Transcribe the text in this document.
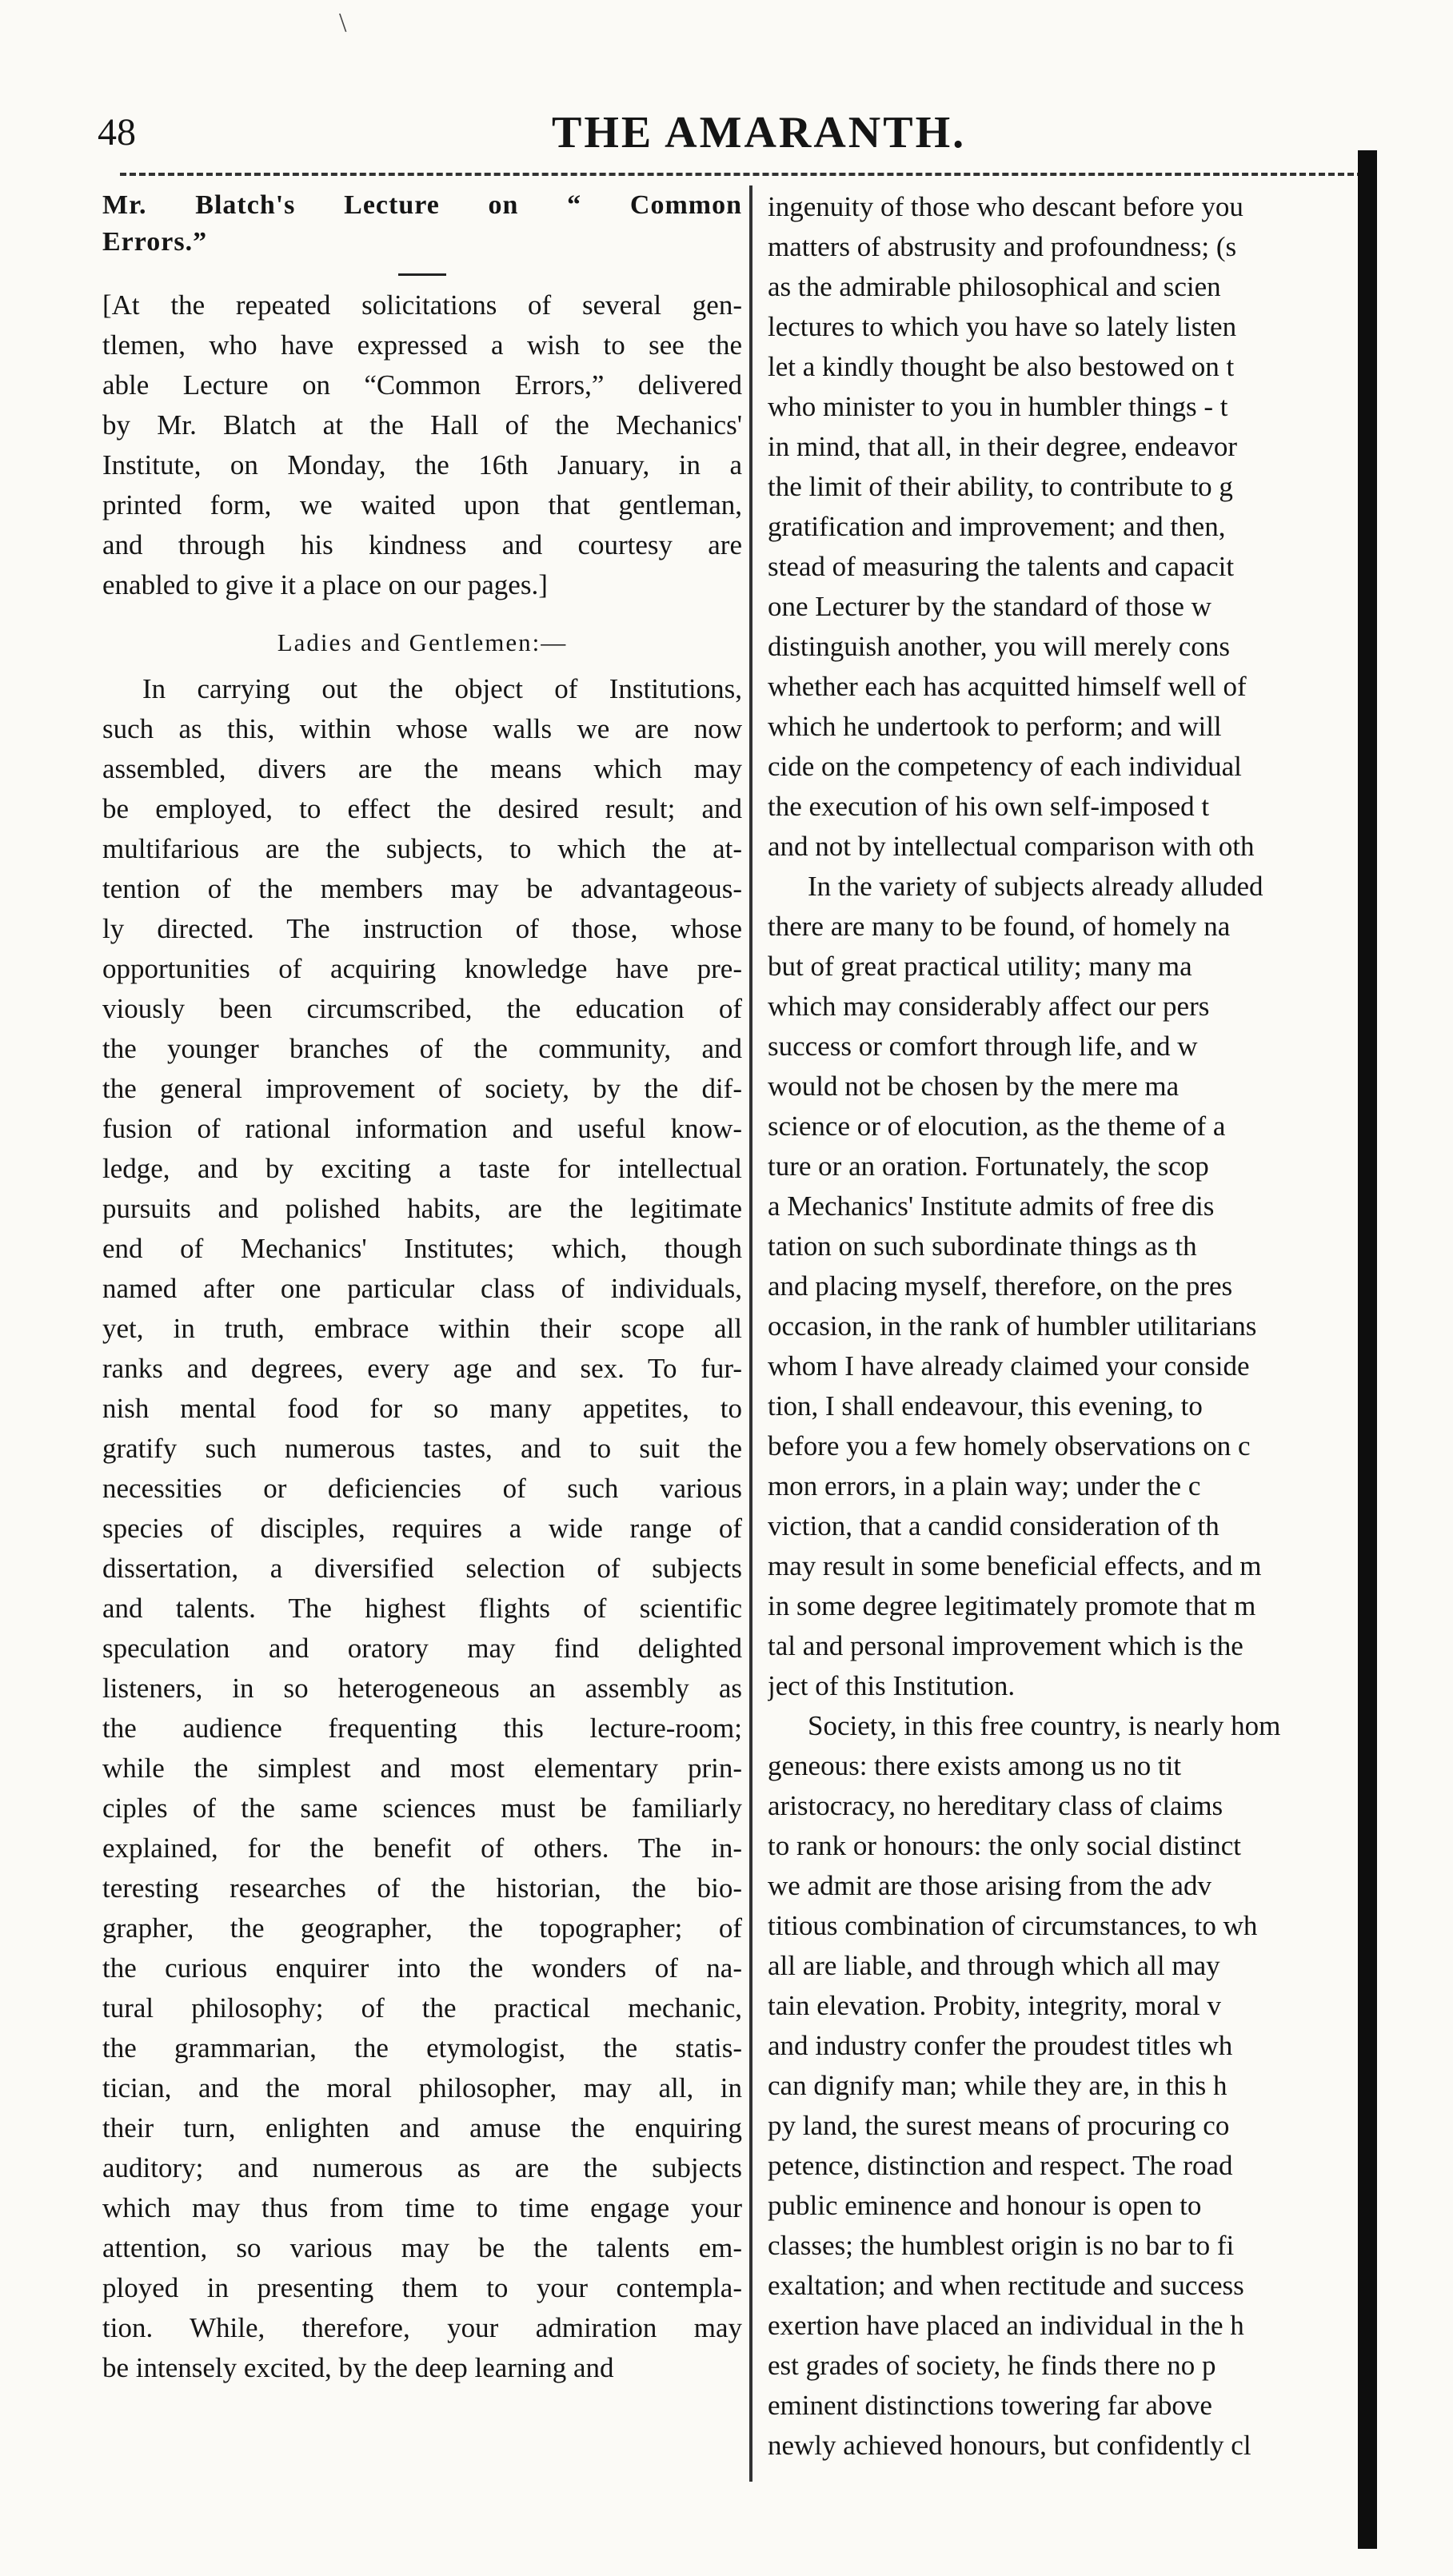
\
48	THE AMARANTH.

Mr. Blatch's Lecture on “ Common

Errors.”

[At the repeated solicitations of several gen-

tlemen, who have expressed a wish to see the

able Lecture on “Common Errors,” delivered

by Mr. Blatch at the Hall of the Mechanics'

Institute, on Monday, the 16th January, in a

printed form, we waited upon that gentleman,

and through his kindness and courtesy are

enabled to give it a place on our pages.]

Ladies and Gentlemen:—

In carrying out the object of Institutions,

such as this, within whose walls we are now

assembled, divers are the means which may

be employed, to effect the desired result; and

multifarious are the subjects, to which the at-

tention of the members may be advantageous-

ly directed. The instruction of those, whose

opportunities of acquiring knowledge have pre-

viously been circumscribed, the education of

the younger branches of the community, and

the general improvement of society, by the dif-

fusion of rational information and useful know-

ledge, and by exciting a taste for intellectual

pursuits and polished habits, are the legitimate

end of Mechanics' Institutes; which, though

named after one particular class of individuals,

yet, in truth, embrace within their scope all

ranks and degrees, every age and sex. To fur-

nish mental food for so many appetites, to

gratify such numerous tastes, and to suit the

necessities or deficiencies of such various

species of disciples, requires a wide range of

dissertation, a diversified selection of subjects

and talents. The highest flights of scientific

speculation and oratory may find delighted

listeners, in so heterogeneous an assembly as

the audience frequenting this lecture-room;

while the simplest and most elementary prin-

ciples of the same sciences must be familiarly

explained, for the benefit of others. The in-

teresting researches of the historian, the bio-

grapher, the geographer, the topographer; of

the curious enquirer into the wonders of na-

tural philosophy; of the practical mechanic,

the grammarian, the etymologist, the statis-

tician, and the moral philosopher, may all, in

their turn, enlighten and amuse the enquiring

auditory; and numerous as are the subjects

which may thus from time to time engage your

attention, so various may be the talents em-

ployed in presenting them to your contempla-

tion. While, therefore, your admiration may

be intensely excited, by the deep learning and

ingenuity of those who descant before you

matters of abstrusity and profoundness; (s

as the admirable philosophical and scien

lectures to which you have so lately listen

let a kindly thought be also bestowed on t

who minister to you in humbler things - t

in mind, that all, in their degree, endeavor

the limit of their ability, to contribute to g

gratification and improvement; and then,

stead of measuring the talents and capacit

one Lecturer by the standard of those w

distinguish another, you will merely cons

whether each has acquitted himself well of

which he undertook to perform; and will

cide on the competency of each individual

the execution of his own self-imposed t

and not by intellectual comparison with oth

In the variety of subjects already alluded

there are many to be found, of homely na

but of great practical utility; many ma

which may considerably affect our pers

success or comfort through life, and w

would not be chosen by the mere ma

science or of elocution, as the theme of a

ture or an oration. Fortunately, the scop

a Mechanics' Institute admits of free dis

tation on such subordinate things as th

and placing myself, therefore, on the pres

occasion, in the rank of humbler utilitarians

whom I have already claimed your conside

tion, I shall endeavour, this evening, to

before you a few homely observations on c

mon errors, in a plain way; under the c

viction, that a candid consideration of th

may result in some beneficial effects, and m

in some degree legitimately promote that m

tal and personal improvement which is the

ject of this Institution.

Society, in this free country, is nearly hom

geneous: there exists among us no tit

aristocracy, no hereditary class of claims

to rank or honours: the only social distinct

we admit are those arising from the adv

titious combination of circumstances, to wh

all are liable, and through which all may

tain elevation. Probity, integrity, moral v

and industry confer the proudest titles wh

can dignify man; while they are, in this h

py land, the surest means of procuring co

petence, distinction and respect. The road

public eminence and honour is open to

classes; the humblest origin is no bar to fi

exaltation; and when rectitude and success

exertion have placed an individual in the h

est grades of society, he finds there no p

eminent distinctions towering far above

newly achieved honours, but confidently cl
